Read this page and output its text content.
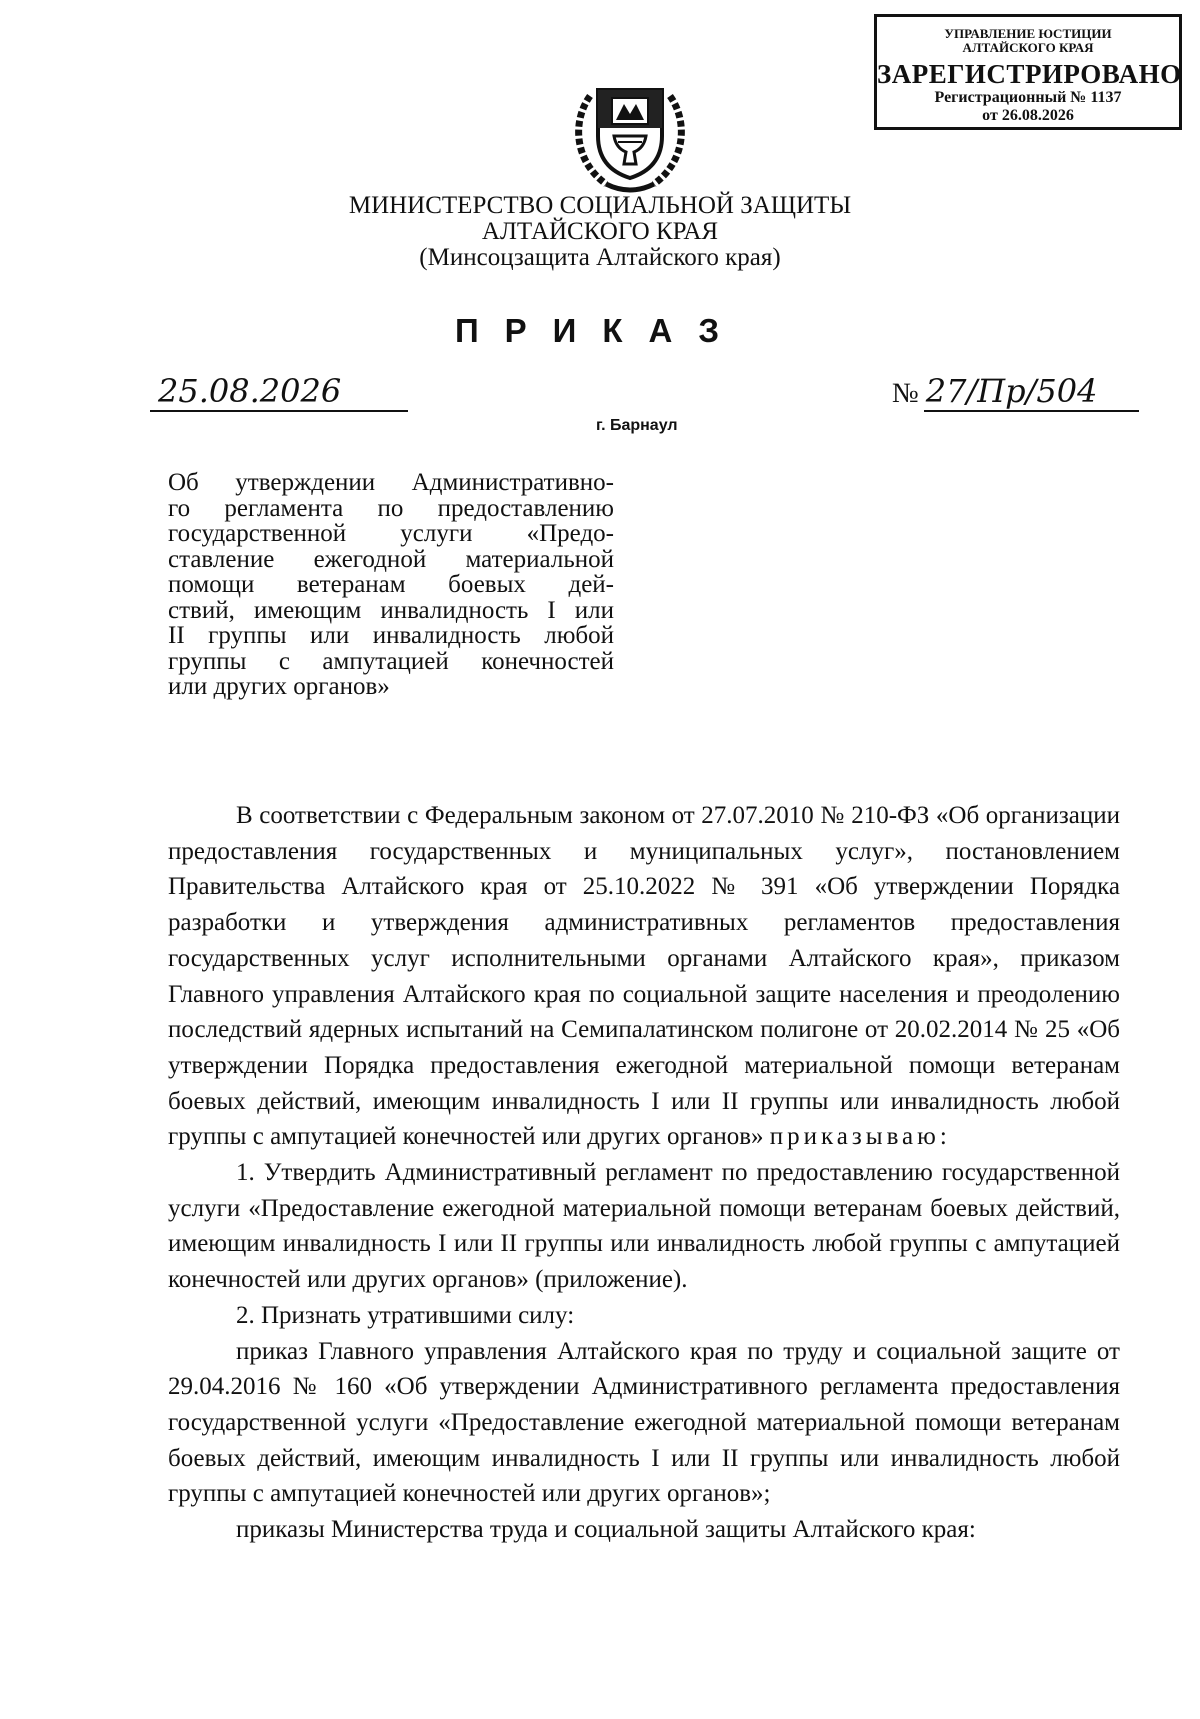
УПРАВЛЕНИЕ ЮСТИЦИИ
АЛТАЙСКОГО КРАЯ
ЗАРЕГИСТРИРОВАНО
Регистрационный № 1137
от 26.08.2026
МИНИСТЕРСТВО СОЦИАЛЬНОЙ ЗАЩИТЫ
АЛТАЙСКОГО КРАЯ
(Минсоцзащита Алтайского края)
ПРИКАЗ
25.08.2026	№ 27/Пр/504
г. Барнаул
Об утверждении Административно-
го регламента по предоставлению
государственной услуги «Предо-
ставление ежегодной материальной
помощи ветеранам боевых дей-
ствий, имеющим инвалидность I или
II группы или инвалидность любой
группы с ампутацией конечностей
или других органов»

В соответствии с Федеральным законом от 27.07.2010 № 210-ФЗ «Об организации предоставления государственных и муниципальных услуг», постановлением Правительства Алтайского края от 25.10.2022 № 391 «Об утверждении Порядка разработки и утверждения административных регламентов предоставления государственных услуг исполнительными органами Алтайского края», приказом Главного управления Алтайского края по социальной защите населения и преодолению последствий ядерных испытаний на Семипалатинском полигоне от 20.02.2014 № 25 «Об утверждении Порядка предоставления ежегодной материальной помощи ветеранам боевых действий, имеющим инвалидность I или II группы или инвалидность любой группы с ампутацией конечностей или других органов» приказываю:

1. Утвердить Административный регламент по предоставлению государственной услуги «Предоставление ежегодной материальной помощи ветеранам боевых действий, имеющим инвалидность I или II группы или инвалидность любой группы с ампутацией конечностей или других органов» (приложение).

2. Признать утратившими силу:

приказ Главного управления Алтайского края по труду и социальной защите от 29.04.2016 № 160 «Об утверждении Административного регламента предоставления государственной услуги «Предоставление ежегодной материальной помощи ветеранам боевых действий, имеющим инвалидность I или II группы или инвалидность любой группы с ампутацией конечностей или других органов»;

приказы Министерства труда и социальной защиты Алтайского края:
